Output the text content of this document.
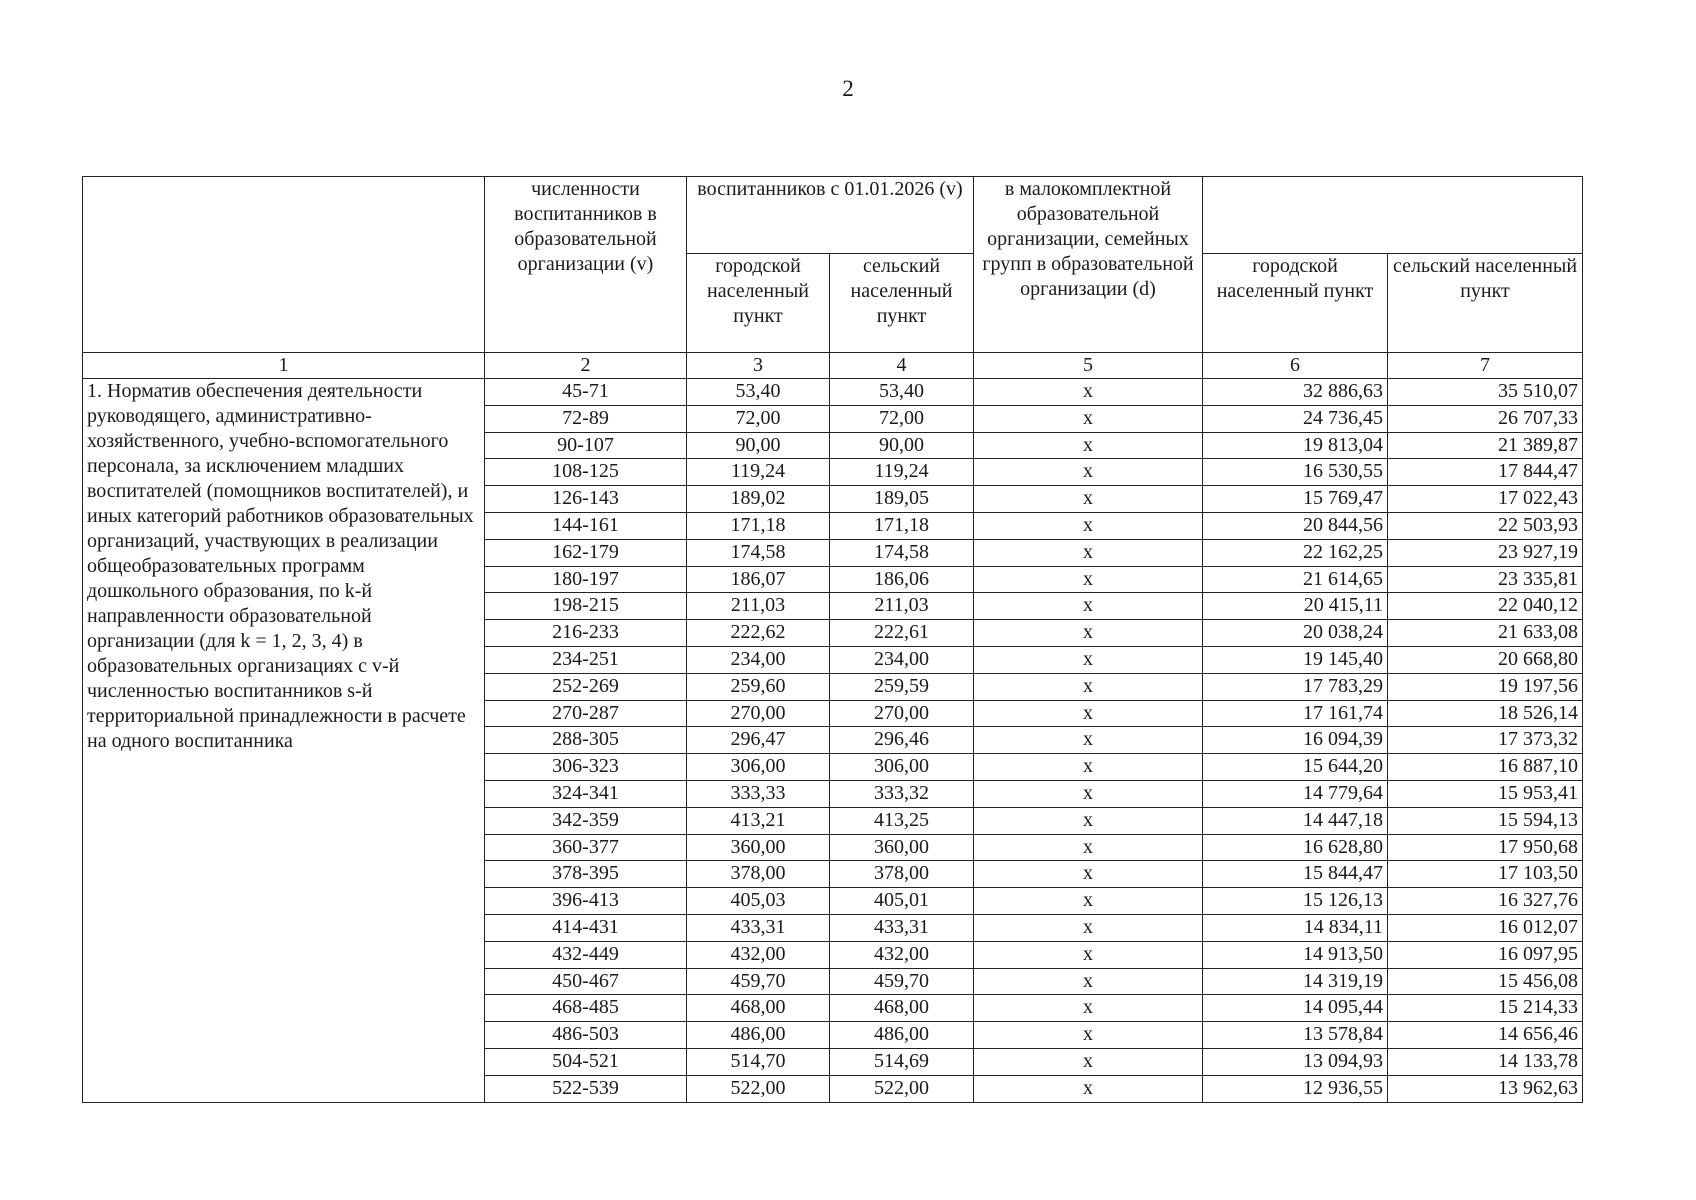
2
	численности воспитанников в образовательной организации (v)	воспитанников с 01.01.2026 (v)		в малокомплектной образовательной организации, семейных групп в образовательной организации (d)		
		городской населенный пункт	сельский населенный пункт		городской населенный пункт	сельский населенный пункт
1	2	3	4	5	6	7
1. Норматив обеспечения деятельности руководящего, административно-хозяйственного, учебно-вспомогательного персонала, за исключением младших воспитателей (помощников воспитателей), и иных категорий работников образовательных организаций, участвующих в реализации общеобразовательных программ дошкольного образования, по k-й направленности образовательной организации (для k = 1, 2, 3, 4) в образовательных организациях с v-й численностью воспитанников s-й территориальной принадлежности в расчете на одного воспитанника	45-71	53,40	53,40	x	32 886,63	35 510,07
	72-89	72,00	72,00	x	24 736,45	26 707,33
	90-107	90,00	90,00	x	19 813,04	21 389,87
	108-125	119,24	119,24	x	16 530,55	17 844,47
	126-143	189,02	189,05	x	15 769,47	17 022,43
	144-161	171,18	171,18	x	20 844,56	22 503,93
	162-179	174,58	174,58	x	22 162,25	23 927,19
	180-197	186,07	186,06	x	21 614,65	23 335,81
	198-215	211,03	211,03	x	20 415,11	22 040,12
	216-233	222,62	222,61	x	20 038,24	21 633,08
	234-251	234,00	234,00	x	19 145,40	20 668,80
	252-269	259,60	259,59	x	17 783,29	19 197,56
	270-287	270,00	270,00	x	17 161,74	18 526,14
	288-305	296,47	296,46	x	16 094,39	17 373,32
	306-323	306,00	306,00	x	15 644,20	16 887,10
	324-341	333,33	333,32	x	14 779,64	15 953,41
	342-359	413,21	413,25	x	14 447,18	15 594,13
	360-377	360,00	360,00	x	16 628,80	17 950,68
	378-395	378,00	378,00	x	15 844,47	17 103,50
	396-413	405,03	405,01	x	15 126,13	16 327,76
	414-431	433,31	433,31	x	14 834,11	16 012,07
	432-449	432,00	432,00	x	14 913,50	16 097,95
	450-467	459,70	459,70	x	14 319,19	15 456,08
	468-485	468,00	468,00	x	14 095,44	15 214,33
	486-503	486,00	486,00	x	13 578,84	14 656,46
	504-521	514,70	514,69	x	13 094,93	14 133,78
	522-539	522,00	522,00	x	12 936,55	13 962,63
